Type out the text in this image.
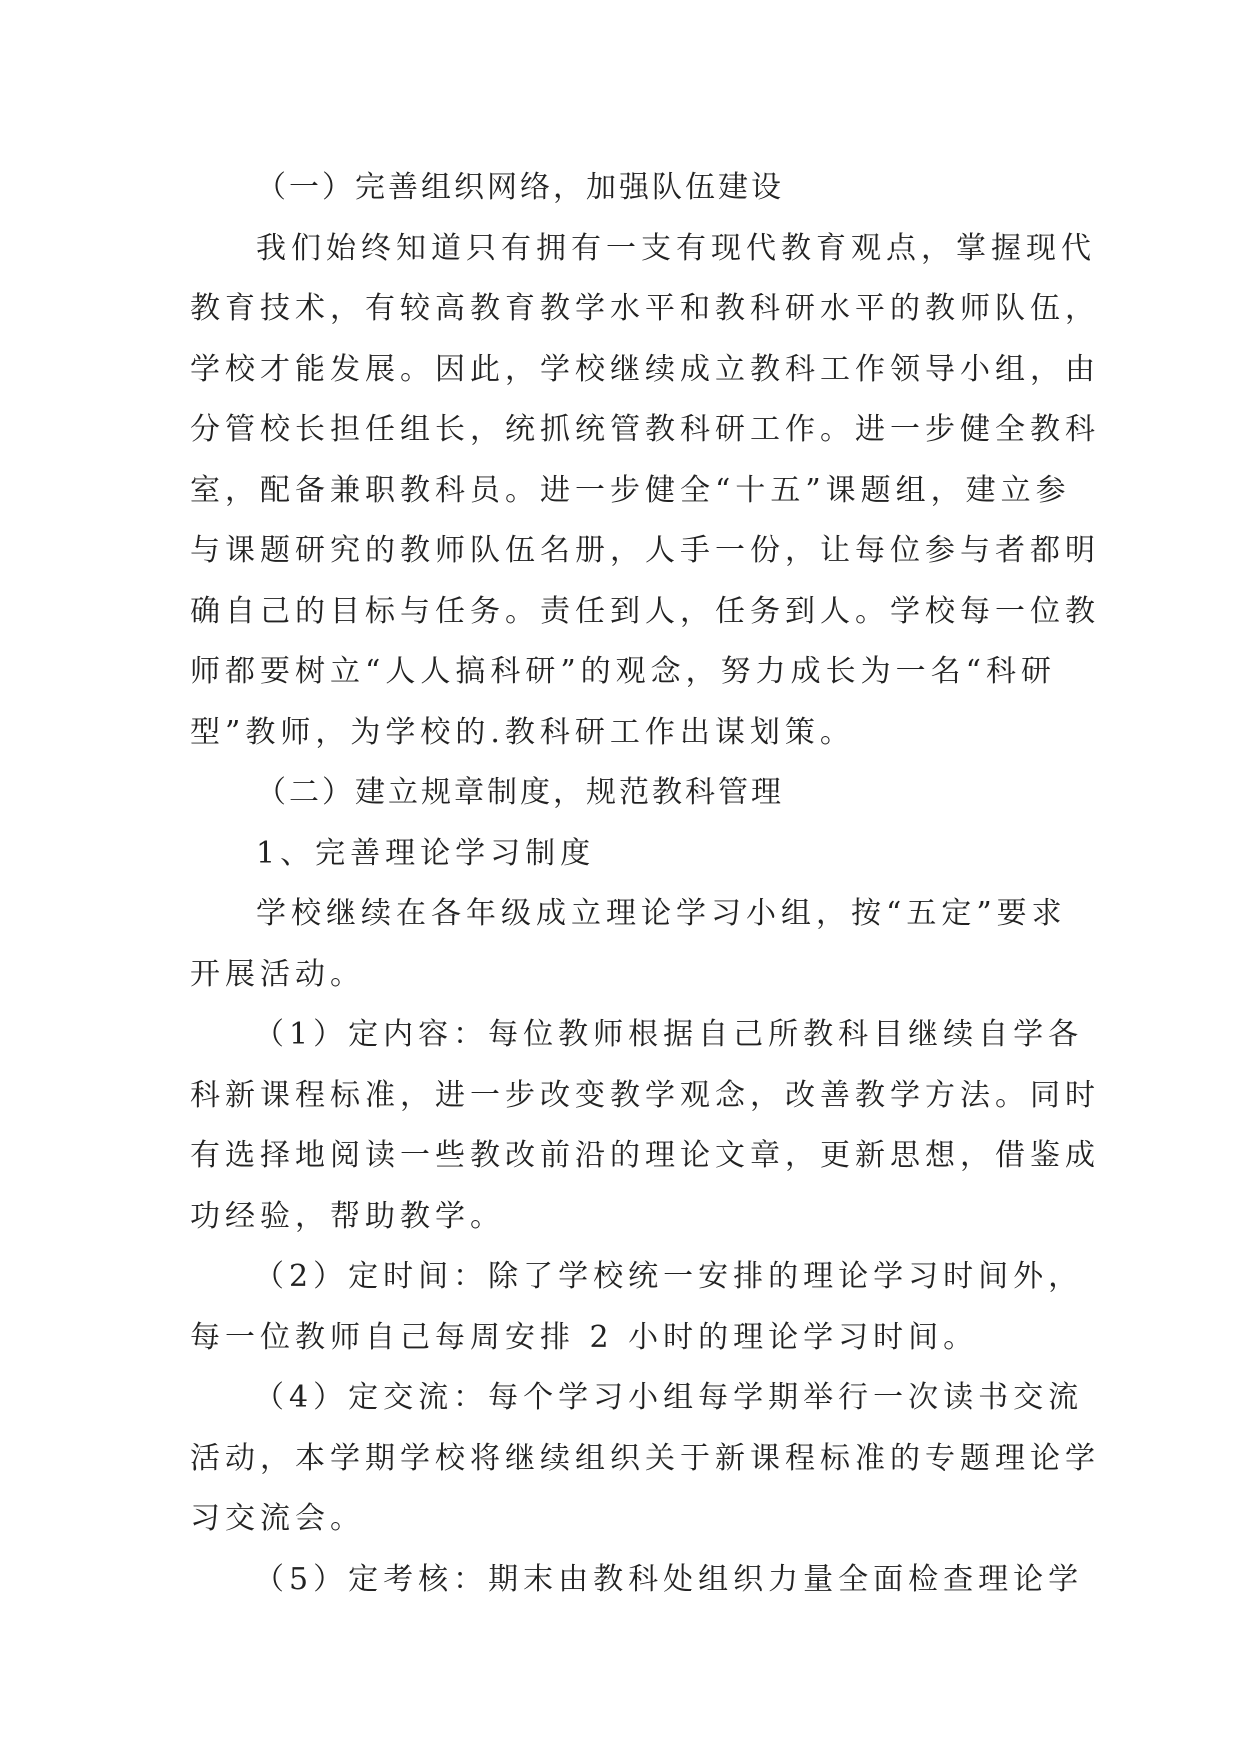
（一）完善组织网络，加强队伍建设
我们始终知道只有拥有一支有现代教育观点，掌握现代
教育技术，有较高教育教学水平和教科研水平的教师队伍，
学校才能发展。因此，学校继续成立教科工作领导小组，由
分管校长担任组长，统抓统管教科研工作。进一步健全教科
室，配备兼职教科员。进一步健全“十五”课题组，建立参
与课题研究的教师队伍名册，人手一份，让每位参与者都明
确自己的目标与任务。责任到人，任务到人。学校每一位教
师都要树立“人人搞科研”的观念，努力成长为一名“科研
型”教师，为学校的.教科研工作出谋划策。
（二）建立规章制度，规范教科管理
1、完善理论学习制度
学校继续在各年级成立理论学习小组，按“五定”要求
开展活动。
（1）定内容：每位教师根据自己所教科目继续自学各
科新课程标准，进一步改变教学观念，改善教学方法。同时
有选择地阅读一些教改前沿的理论文章，更新思想，借鉴成
功经验，帮助教学。
（2）定时间：除了学校统一安排的理论学习时间外，
每一位教师自己每周安排 2 小时的理论学习时间。
（4）定交流：每个学习小组每学期举行一次读书交流
活动，本学期学校将继续组织关于新课程标准的专题理论学
习交流会。
（5）定考核：期末由教科处组织力量全面检查理论学
